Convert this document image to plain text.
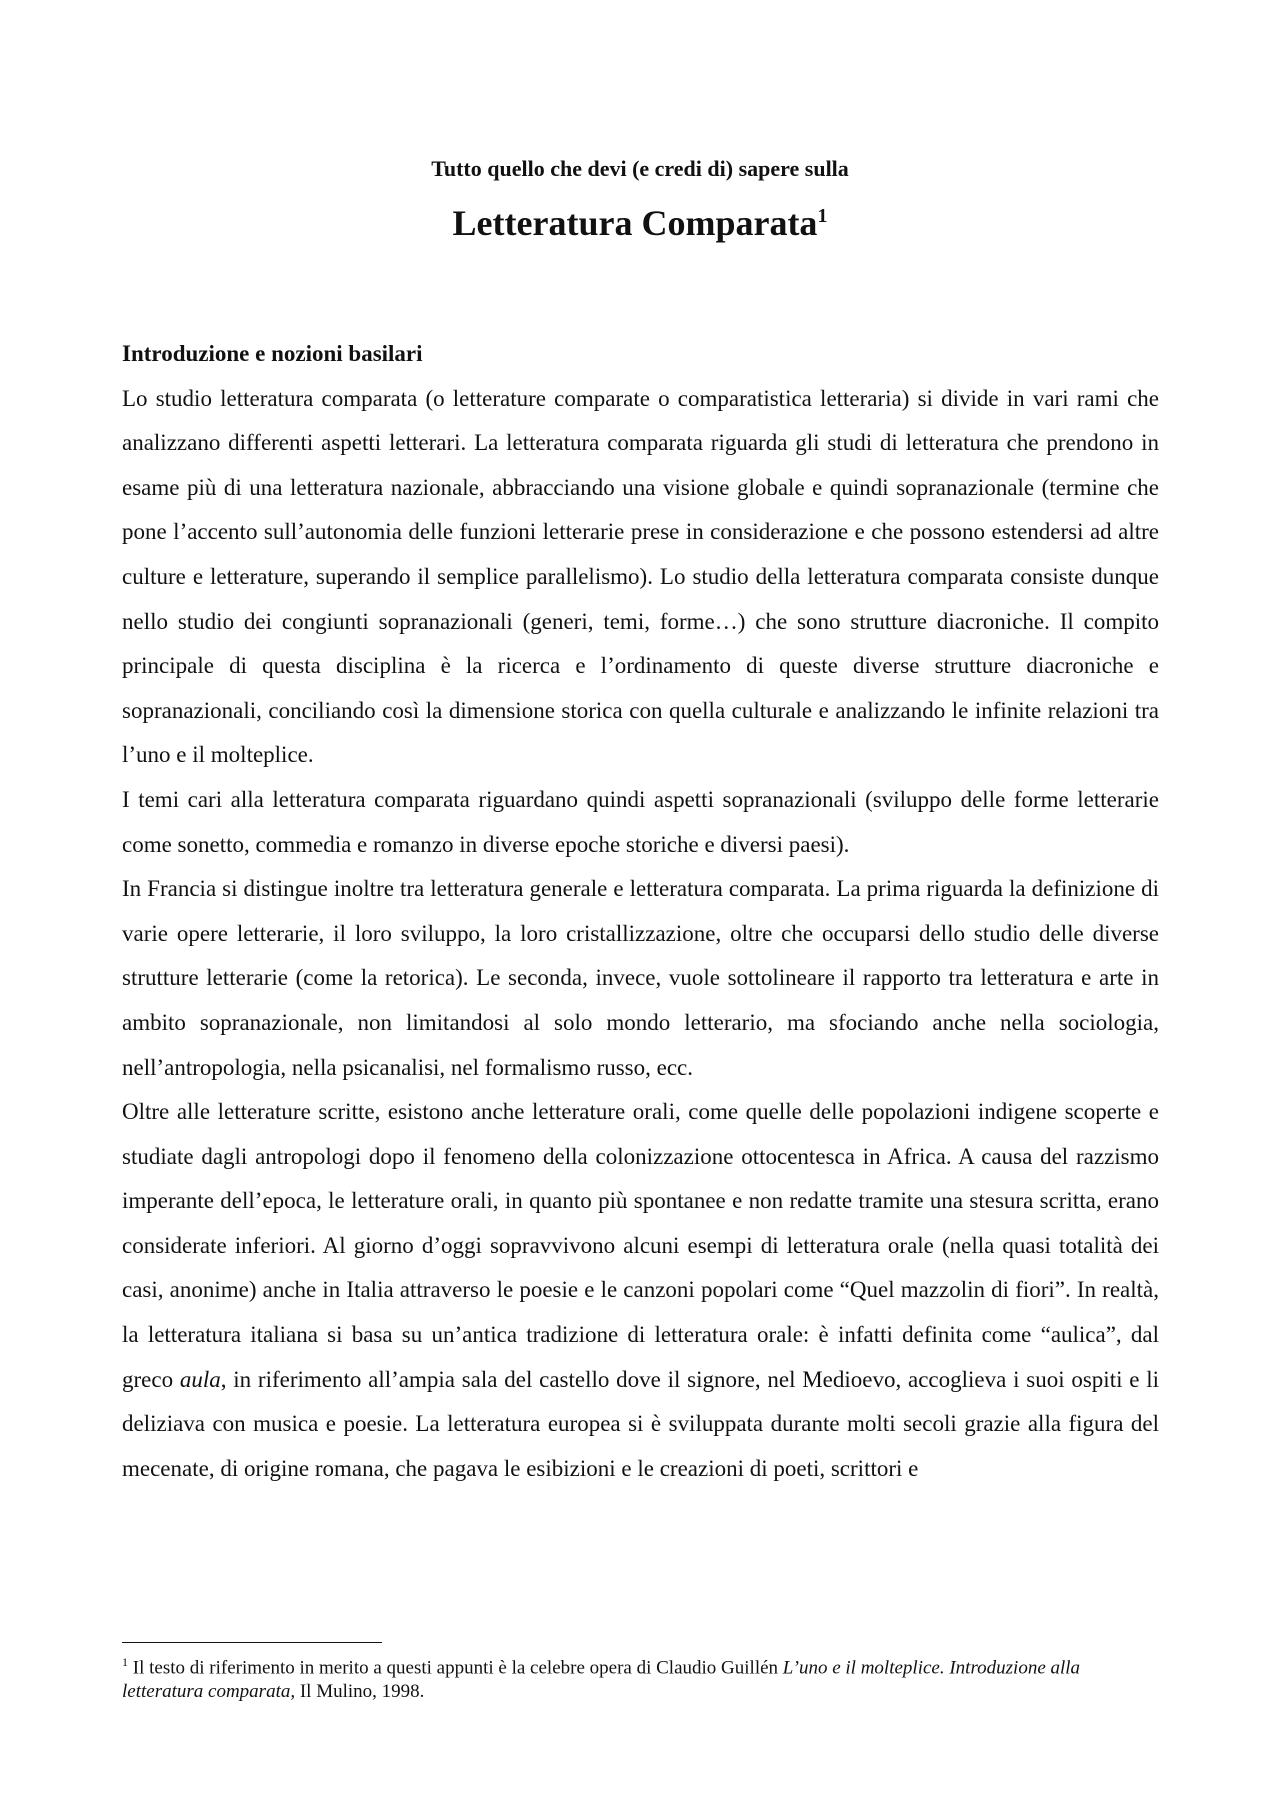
Tutto quello che devi (e credi di) sapere sulla
Letteratura Comparata$^1$

Introduzione e nozioni basilari

Lo studio letteratura comparata (o letterature comparate o comparatistica letteraria) si divide in vari rami che analizzano differenti aspetti letterari. La letteratura comparata riguarda gli studi di letteratura che prendono in esame più di una letteratura nazionale, abbracciando una visione globale e quindi sopranazionale (termine che pone l’accento sull’autonomia delle funzioni letterarie prese in considerazione e che possono estendersi ad altre culture e letterature, superando il semplice parallelismo). Lo studio della letteratura comparata consiste dunque nello studio dei congiunti sopranazionali (generi, temi, forme…) che sono strutture diacroniche. Il compito principale di questa disciplina è la ricerca e l’ordinamento di queste diverse strutture diacroniche e sopranazionali, conciliando così la dimensione storica con quella culturale e analizzando le infinite relazioni tra l’uno e il molteplice.

I temi cari alla letteratura comparata riguardano quindi aspetti sopranazionali (sviluppo delle forme letterarie come sonetto, commedia e romanzo in diverse epoche storiche e diversi paesi).

In Francia si distingue inoltre tra letteratura generale e letteratura comparata. La prima riguarda la definizione di varie opere letterarie, il loro sviluppo, la loro cristallizzazione, oltre che occuparsi dello studio delle diverse strutture letterarie (come la retorica). Le seconda, invece, vuole sottolineare il rapporto tra letteratura e arte in ambito sopranazionale, non limitandosi al solo mondo letterario, ma sfociando anche nella sociologia, nell’antropologia, nella psicanalisi, nel formalismo russo, ecc.

Oltre alle letterature scritte, esistono anche letterature orali, come quelle delle popolazioni indigene scoperte e studiate dagli antropologi dopo il fenomeno della colonizzazione ottocentesca in Africa. A causa del razzismo imperante dell’epoca, le letterature orali, in quanto più spontanee e non redatte tramite una stesura scritta, erano considerate inferiori. Al giorno d’oggi sopravvivono alcuni esempi di letteratura orale (nella quasi totalità dei casi, anonime) anche in Italia attraverso le poesie e le canzoni popolari come “Quel mazzolin di fiori”. In realtà, la letteratura italiana si basa su un’antica tradizione di letteratura orale: è infatti definita come “aulica”, dal greco aula, in riferimento all’ampia sala del castello dove il signore, nel Medioevo, accoglieva i suoi ospiti e li deliziava con musica e poesie. La letteratura europea si è sviluppata durante molti secoli grazie alla figura del mecenate, di origine romana, che pagava le esibizioni e le creazioni di poeti, scrittori e

$^1$ Il testo di riferimento in merito a questi appunti è la celebre opera di Claudio Guillén L’uno e il molteplice. Introduzione alla letteratura comparata, Il Mulino, 1998.
